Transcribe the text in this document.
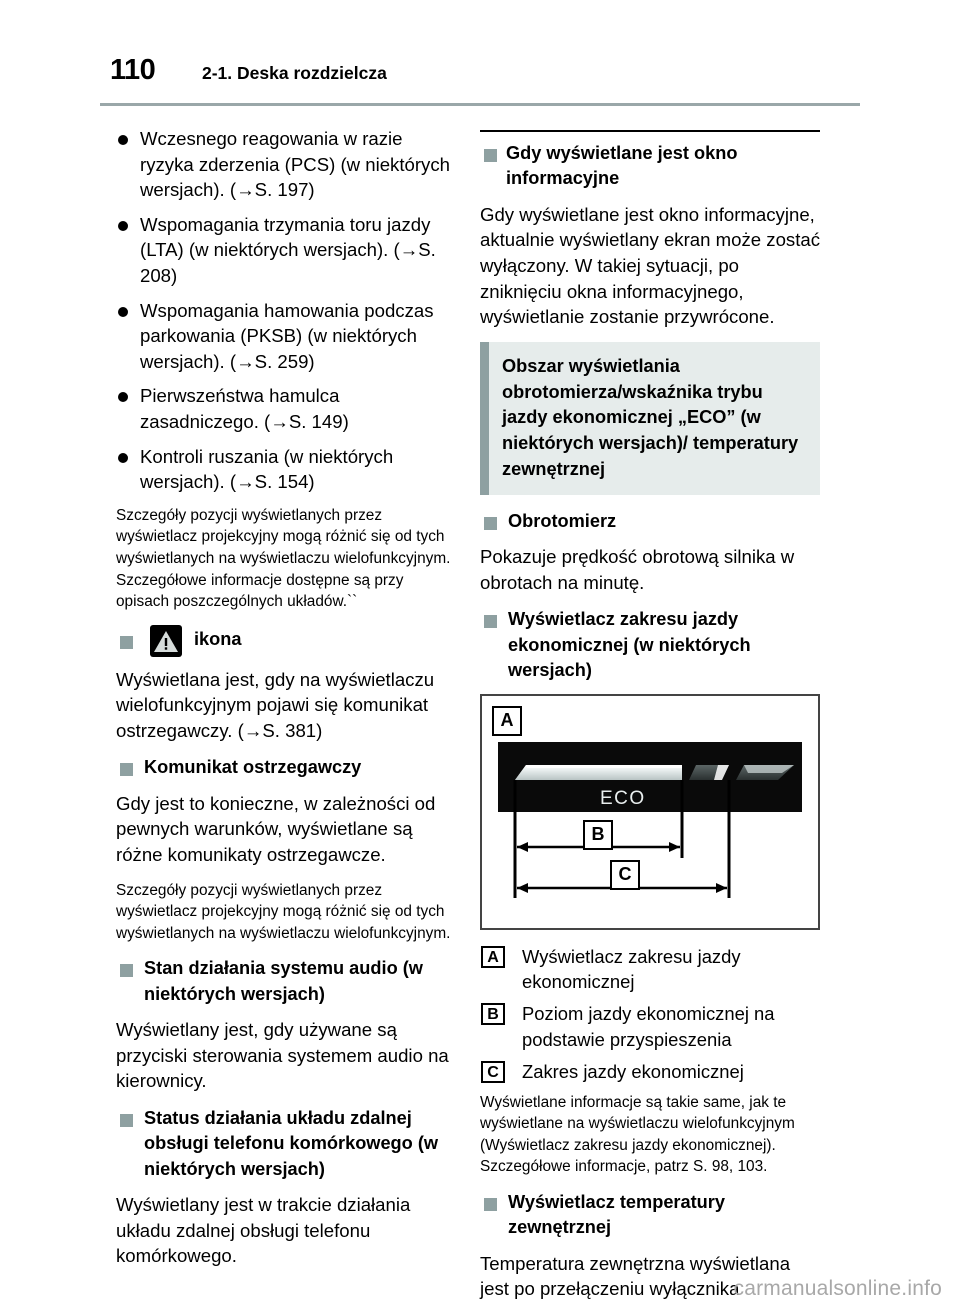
110	2-1. Deska rozdzielcza
Wczesnego reagowania w razie ryzyka zderzenia (PCS) (w niektórych wersjach). (→S. 197)
Wspomagania trzymania toru jazdy (LTA) (w niektórych wersjach). (→S. 208)
Wspomagania hamowania podczas parkowania (PKSB) (w niektórych wersjach). (→S. 259)
Pierwszeństwa hamulca zasadniczego. (→S. 149)
Kontroli ruszania (w niektórych wersjach). (→S. 154)

Szczegóły pozycji wyświetlanych przez wyświetlacz projekcyjny mogą różnić się od tych wyświetlanych na wyświetlaczu wielofunkcyjnym. Szczegółowe informacje dostępne są przy opisach poszczególnych układów.``

ikona

Wyświetlana jest, gdy na wyświetlaczu wielofunkcyjnym pojawi się komunikat ostrzegawczy. (→S. 381)

Komunikat ostrzegawczy

Gdy jest to konieczne, w zależności od pewnych warunków, wyświetlane są różne komunikaty ostrzegawcze.

Szczegóły pozycji wyświetlanych przez wyświetlacz projekcyjny mogą różnić się od tych wyświetlanych na wyświetlaczu wielofunkcyjnym.

Stan działania systemu audio (w niektórych wersjach)

Wyświetlany jest, gdy używane są przyciski sterowania systemem audio na kierownicy.

Status działania układu zdalnej obsługi telefonu komórkowego (w niektórych wersjach)

Wyświetlany jest w trakcie działania układu zdalnej obsługi telefonu komórkowego.

Gdy wyświetlane jest okno informacyjne

Gdy wyświetlane jest okno informacyjne, aktualnie wyświetlany ekran może zostać wyłączony. W takiej sytuacji, po zniknięciu okna informacyjnego, wyświetlanie zostanie przywrócone.

Obszar wyświetlania obrotomierza/wskaźnika trybu jazdy ekonomicznej „ECO” (w niektórych wersjach)/ temperatury zewnętrznej
Obrotomierz

Pokazuje prędkość obrotową silnika w obrotach na minutę.

Wyświetlacz zakresu jazdy ekonomicznej (w niektórych wersjach)
ECO
A
B
C
A	Wyświetlacz zakresu jazdy ekonomicznej
B	Poziom jazdy ekonomicznej na podstawie przyspieszenia
C	Zakres jazdy ekonomicznej

Wyświetlane informacje są takie same, jak te wyświetlane na wyświetlaczu wielofunkcyjnym (Wyświetlacz zakresu jazdy ekonomicznej). Szczegółowe informacje, patrz S. 98, 103.

Wyświetlacz temperatury zewnętrznej

Temperatura zewnętrzna wyświetlana jest po przełączeniu wyłącznika

carmanualsonline.info
